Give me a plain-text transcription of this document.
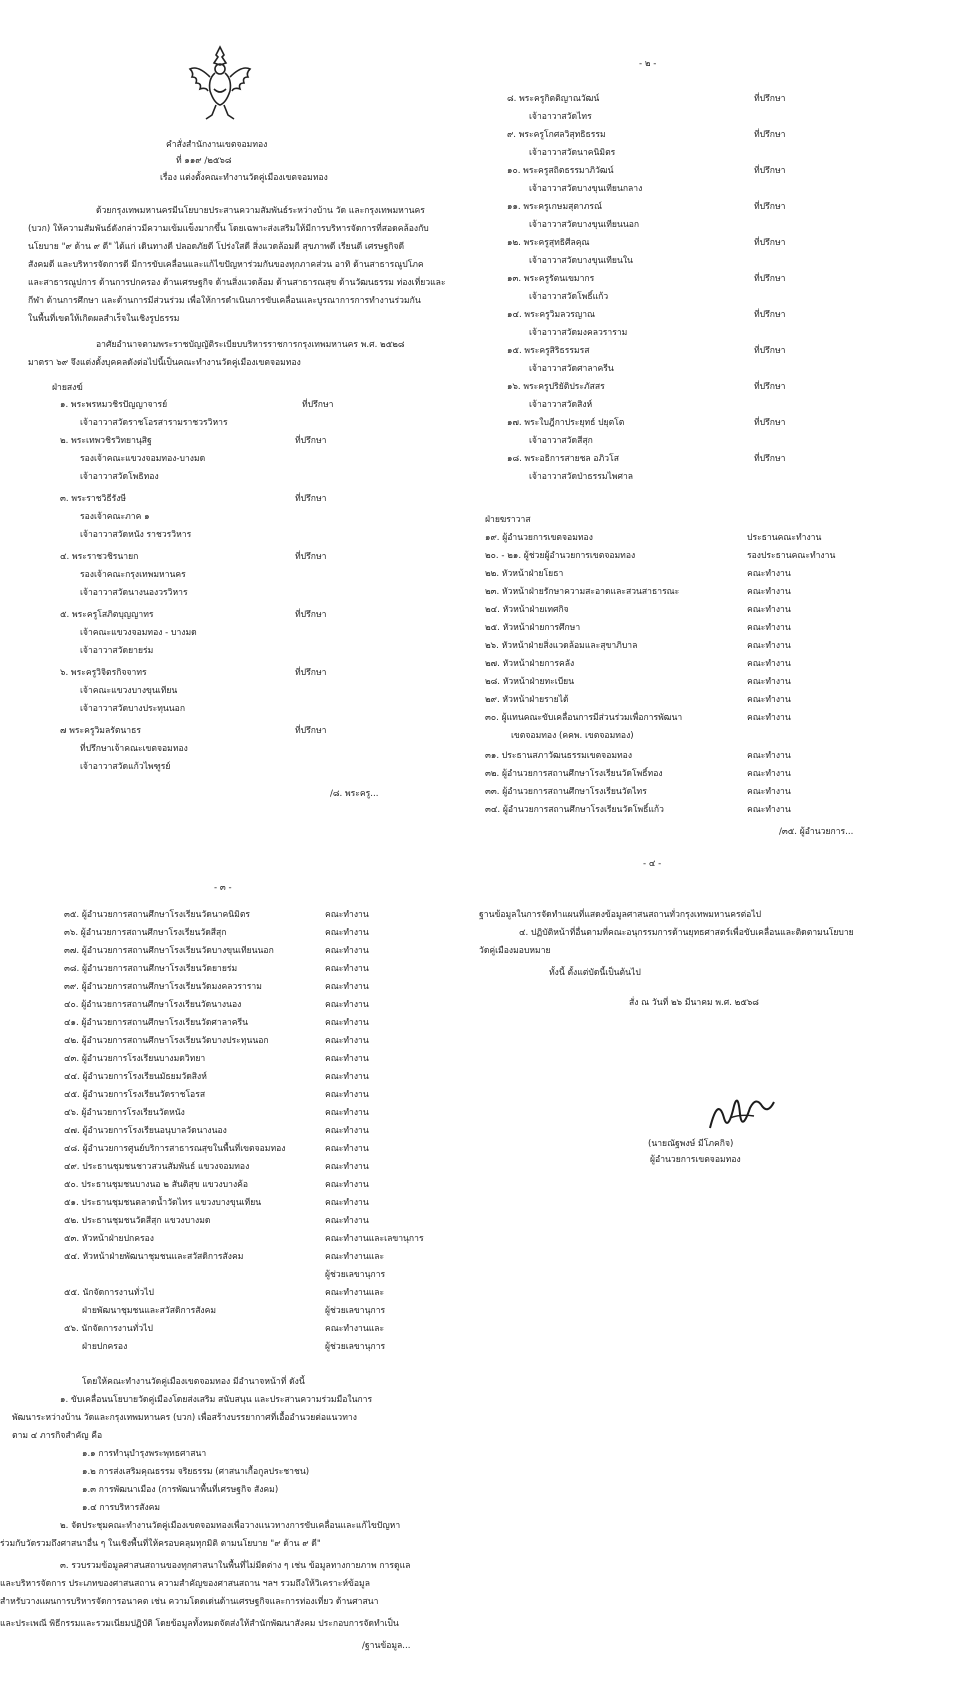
คำสั่งสำนักงานเขตจอมทอง
ที่ ๑๑๙ /๒๕๖๘
เรื่อง แต่งตั้งคณะทำงานวัดคู่เมืองเขตจอมทอง
ด้วยกรุงเทพมหานครมีนโยบายประสานความสัมพันธ์ระหว่างบ้าน วัด และกรุงเทพมหานคร
(บวก) ให้ความสัมพันธ์ดังกล่าวมีความเข้มแข็งมากขึ้น โดยเฉพาะส่งเสริมให้มีการบริหารจัดการที่สอดคล้องกับ
นโยบาย "๙ ด้าน ๙ ดี" ได้แก่ เดินทางดี ปลอดภัยดี โปร่งใสดี สิ่งแวดล้อมดี สุขภาพดี เรียนดี เศรษฐกิจดี
สังคมดี และบริหารจัดการดี มีการขับเคลื่อนและแก้ไขปัญหาร่วมกันของทุกภาคส่วน อาทิ ด้านสาธารณูปโภค
และสาธารณูปการ ด้านการปกครอง ด้านเศรษฐกิจ ด้านสิ่งแวดล้อม ด้านสาธารณสุข ด้านวัฒนธรรม ท่องเที่ยวและ
กีฬา ด้านการศึกษา และด้านการมีส่วนร่วม เพื่อให้การดำเนินการขับเคลื่อนและบูรณาการการทำงานร่วมกัน
ในพื้นที่เขตให้เกิดผลสำเร็จในเชิงรูปธรรม
อาศัยอำนาจตามพระราชบัญญัติระเบียบบริหารราชการกรุงเทพมหานคร พ.ศ. ๒๕๒๘
มาตรา ๖๙ จึงแต่งตั้งบุคคลดังต่อไปนี้เป็นคณะทำงานวัดคู่เมืองเขตจอมทอง
ฝ่ายสงฆ์
๑. พระพรหมวชิรปัญญาจารย์	ที่ปรึกษา
เจ้าอาวาสวัดราชโอรสารามราชวรวิหาร
๒. พระเทพวชิรวิทยานุสิฐ	ที่ปรึกษา
รองเจ้าคณะแขวงจอมทอง-บางมด
เจ้าอาวาสวัดโพธิทอง
๓. พระราชวิธีรังษี	ที่ปรึกษา
รองเจ้าคณะภาค ๑
เจ้าอาวาสวัดหนัง ราชวรวิหาร
๔. พระราชวชิรนายก	ที่ปรึกษา
รองเจ้าคณะกรุงเทพมหานคร
เจ้าอาวาสวัดนางนองวรวิหาร
๕. พระครูโสภิตบุญญาทร	ที่ปรึกษา
เจ้าคณะแขวงจอมทอง - บางมด
เจ้าอาวาสวัดยายร่ม
๖. พระครูวิจิตรกิจจาทร	ที่ปรึกษา
เจ้าคณะแขวงบางขุนเทียน
เจ้าอาวาสวัดบางประทุนนอก
๗ พระครูวิมลรัตนาธร	ที่ปรึกษา
ที่ปรึกษาเจ้าคณะเขตจอมทอง
เจ้าอาวาสวัดแก้วไพฑูรย์
/๘. พระครู...
- ๒ -
๘. พระครูกิตติญาณวัฒน์	ที่ปรึกษา
เจ้าอาวาสวัดไทร
๙. พระครูโกศลวิสุทธิธรรม	ที่ปรึกษา
เจ้าอาวาสวัดนาคนิมิตร
๑๐. พระครูสถิตธรรมาภิวัฒน์	ที่ปรึกษา
เจ้าอาวาสวัดบางขุนเทียนกลาง
๑๑. พระครูเกษมสุตาภรณ์	ที่ปรึกษา
เจ้าอาวาสวัดบางขุนเทียนนอก
๑๒. พระครูสุทธิศีลคุณ	ที่ปรึกษา
เจ้าอาวาสวัดบางขุนเทียนใน
๑๓. พระครูรัตนเขมากร	ที่ปรึกษา
เจ้าอาวาสวัดโพธิ์แก้ว
๑๔. พระครูวิมลวรญาณ	ที่ปรึกษา
เจ้าอาวาสวัดมงคลวราราม
๑๕. พระครูสิริธรรมรส	ที่ปรึกษา
เจ้าอาวาสวัดศาลาครีน
๑๖. พระครูปริยัติประภัสสร	ที่ปรึกษา
เจ้าอาวาสวัดสิงห์
๑๗. พระใบฎีกาประยุทธ์ ปยุตโต	ที่ปรึกษา
เจ้าอาวาสวัดสีสุก
๑๘. พระอธิการสายชล อภิวโส	ที่ปรึกษา
เจ้าอาวาสวัดป่าธรรมไพศาล
ฝ่ายฆราวาส
๑๙. ผู้อำนวยการเขตจอมทอง	ประธานคณะทำงาน
๒๐. - ๒๑. ผู้ช่วยผู้อำนวยการเขตจอมทอง	รองประธานคณะทำงาน
๒๒. หัวหน้าฝ่ายโยธา	คณะทำงาน
๒๓. หัวหน้าฝ่ายรักษาความสะอาดและสวนสาธารณะ	คณะทำงาน
๒๔. หัวหน้าฝ่ายเทศกิจ	คณะทำงาน
๒๕. หัวหน้าฝ่ายการศึกษา	คณะทำงาน
๒๖. หัวหน้าฝ่ายสิ่งแวดล้อมและสุขาภิบาล	คณะทำงาน
๒๗. หัวหน้าฝ่ายการคลัง	คณะทำงาน
๒๘. หัวหน้าฝ่ายทะเบียน	คณะทำงาน
๒๙. หัวหน้าฝ่ายรายได้	คณะทำงาน
๓๐. ผู้แทนคณะขับเคลื่อนการมีส่วนร่วมเพื่อการพัฒนา	คณะทำงาน
เขตจอมทอง (คคพ. เขตจอมทอง)
๓๑. ประธานสภาวัฒนธรรมเขตจอมทอง	คณะทำงาน
๓๒. ผู้อำนวยการสถานศึกษาโรงเรียนวัดโพธิ์ทอง	คณะทำงาน
๓๓. ผู้อำนวยการสถานศึกษาโรงเรียนวัดไทร	คณะทำงาน
๓๔. ผู้อำนวยการสถานศึกษาโรงเรียนวัดโพธิ์แก้ว	คณะทำงาน
/๓๕. ผู้อำนวยการ...
- ๓ -
๓๕. ผู้อำนวยการสถานศึกษาโรงเรียนวัดนาคนิมิตร	คณะทำงาน
๓๖. ผู้อำนวยการสถานศึกษาโรงเรียนวัดสีสุก	คณะทำงาน
๓๗. ผู้อำนวยการสถานศึกษาโรงเรียนวัดบางขุนเทียนนอก	คณะทำงาน
๓๘. ผู้อำนวยการสถานศึกษาโรงเรียนวัดยายร่ม	คณะทำงาน
๓๙. ผู้อำนวยการสถานศึกษาโรงเรียนวัดมงคลวราราม	คณะทำงาน
๔๐. ผู้อำนวยการสถานศึกษาโรงเรียนวัดนางนอง	คณะทำงาน
๔๑. ผู้อำนวยการสถานศึกษาโรงเรียนวัดศาลาครีน	คณะทำงาน
๔๒. ผู้อำนวยการสถานศึกษาโรงเรียนวัดบางประทุนนอก	คณะทำงาน
๔๓. ผู้อำนวยการโรงเรียนบางมดวิทยา	คณะทำงาน
๔๔. ผู้อำนวยการโรงเรียนมัธยมวัดสิงห์	คณะทำงาน
๔๕. ผู้อำนวยการโรงเรียนวัดราชโอรส	คณะทำงาน
๔๖. ผู้อำนวยการโรงเรียนวัดหนัง	คณะทำงาน
๔๗. ผู้อำนวยการโรงเรียนอนุบาลวัดนางนอง	คณะทำงาน
๔๘. ผู้อำนวยการศูนย์บริการสาธารณสุขในพื้นที่เขตจอมทอง	คณะทำงาน
๔๙. ประธานชุมชนชาวสวนสัมพันธ์ แขวงจอมทอง	คณะทำงาน
๕๐. ประธานชุมชนบางนอ ๒ สันติสุข แขวงบางค้อ	คณะทำงาน
๕๑. ประธานชุมชนตลาดน้ำวัดไทร แขวงบางขุนเทียน	คณะทำงาน
๕๒. ประธานชุมชนวัดสีสุก แขวงบางมด	คณะทำงาน
๕๓. หัวหน้าฝ่ายปกครอง	คณะทำงานและเลขานุการ
๕๔. หัวหน้าฝ่ายพัฒนาชุมชนและสวัสดิการสังคม	คณะทำงานและ
ผู้ช่วยเลขานุการ
๕๕. นักจัดการงานทั่วไป	คณะทำงานและ
ฝ่ายพัฒนาชุมชนและสวัสดิการสังคม	ผู้ช่วยเลขานุการ
๕๖. นักจัดการงานทั่วไป	คณะทำงานและ
ฝ่ายปกครอง	ผู้ช่วยเลขานุการ
โดยให้คณะทำงานวัดคู่เมืองเขตจอมทอง มีอำนาจหน้าที่ ดังนี้
๑. ขับเคลื่อนนโยบายวัดคู่เมืองโดยส่งเสริม สนับสนุน และประสานความร่วมมือในการ
พัฒนาระหว่างบ้าน วัดและกรุงเทพมหานคร (บวก) เพื่อสร้างบรรยากาศที่เอื้ออำนวยต่อแนวทาง
ตาม ๔ ภารกิจสำคัญ คือ
๑.๑ การทำนุบำรุงพระพุทธศาสนา
๑.๒ การส่งเสริมคุณธรรม จริยธรรม (ศาสนาเกื้อกูลประชาชน)
๑.๓ การพัฒนาเมือง (การพัฒนาพื้นที่เศรษฐกิจ สังคม)
๑.๔ การบริหารสังคม
๒. จัดประชุมคณะทำงานวัดคู่เมืองเขตจอมทองเพื่อวางแนวทางการขับเคลื่อนและแก้ไขปัญหา
ร่วมกับวัดรวมถึงศาสนาอื่น ๆ ในเชิงพื้นที่ให้ครอบคลุมทุกมิติ ตามนโยบาย "๙ ด้าน ๙ ดี"
๓. รวบรวมข้อมูลศาสนสถานของทุกศาสนาในพื้นที่ไม่มีดต่าง ๆ เช่น ข้อมูลทางกายภาพ การดูแล
และบริหารจัดการ ประเภทของศาสนสถาน ความสำคัญของศาสนสถาน ฯลฯ รวมถึงให้วิเคราะห์ข้อมูล
สำหรับวางแผนการบริหารจัดการอนาคต เช่น ความโดดเด่นด้านเศรษฐกิจและการท่องเที่ยว ด้านศาสนา
และประเพณี พิธีกรรมและรวมเนียมปฏิบัติ โดยข้อมูลทั้งหมดจัดส่งให้สำนักพัฒนาสังคม ประกอบการจัดทำเป็น
/ฐานข้อมูล...
- ๔ -
ฐานข้อมูลในการจัดทำแผนที่แสดงข้อมูลศาสนสถานทั่วกรุงเทพมหานครต่อไป
๔. ปฏิบัติหน้าที่อื่นตามที่คณะอนุกรรมการด้านยุทธศาสตร์เพื่อขับเคลื่อนและติดตามนโยบาย
วัดคู่เมืองมอบหมาย
ทั้งนี้ ตั้งแต่บัดนี้เป็นต้นไป
สั่ง ณ วันที่ ๒๖ มีนาคม พ.ศ. ๒๕๖๘
(นายณัฐพงษ์ มีโภคกิจ)
ผู้อำนวยการเขตจอมทอง
